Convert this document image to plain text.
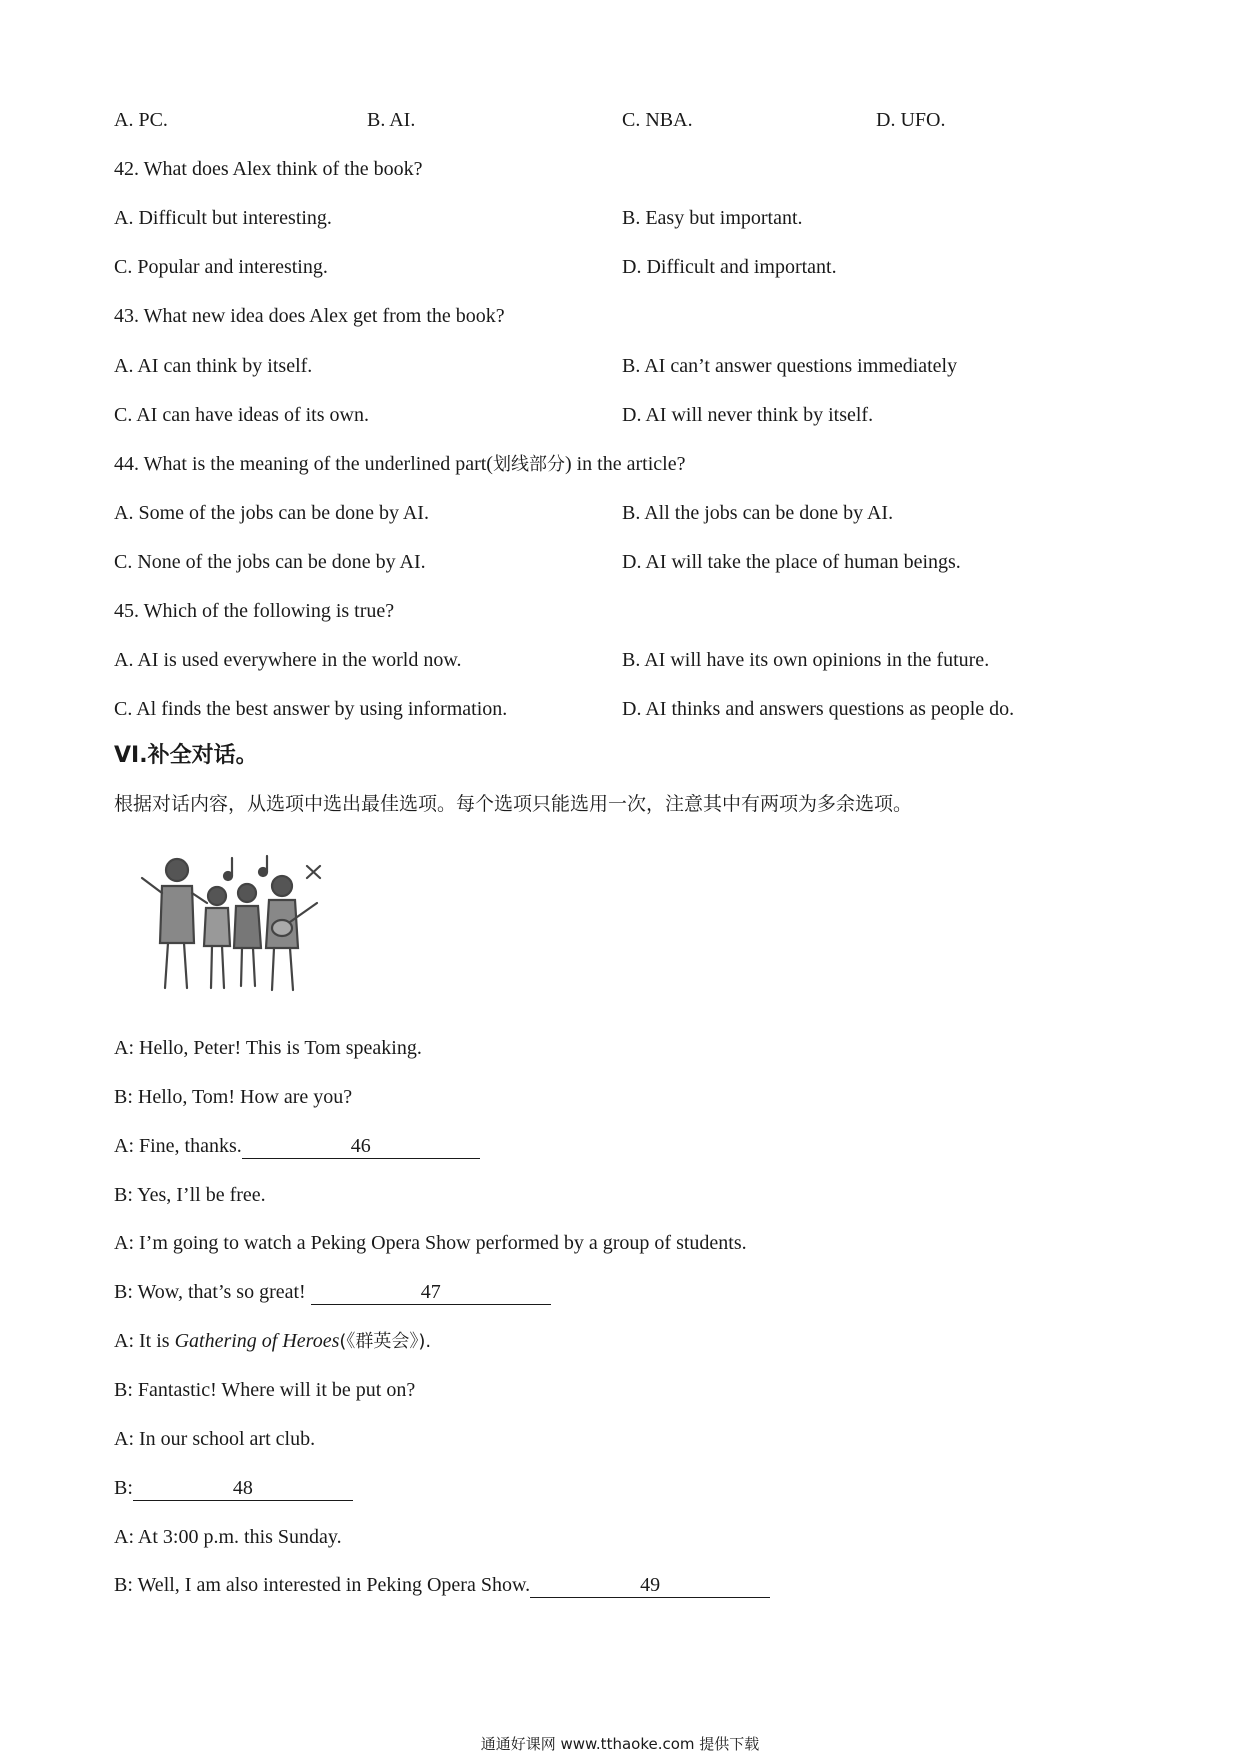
A. PC.	B. AI.	C. NBA.	D. UFO.
42. What does Alex think of the book?
A. Difficult but interesting.	B. Easy but important.
C. Popular and interesting.	D. Difficult and important.
43. What new idea does Alex get from the book?
A. AI can think by itself.	B. AI can’t answer questions immediately
C. AI can have ideas of its own.	D. AI will never think by itself.
44. What is the meaning of the underlined part(划线部分) in the article?
A. Some of the jobs can be done by AI.	B. All the jobs can be done by AI.
C. None of the jobs can be done by AI.	D. AI will take the place of human beings.
45. Which of the following is true?
A. AI is used everywhere in the world now.	B. AI will have its own opinions in the future.
C. Al finds the best answer by using information.	D. AI thinks and answers questions as people do.
VI.补全对话。
根据对话内容，从选项中选出最佳选项。每个选项只能选用一次，注意其中有两项为多余选项。
A: Hello, Peter! This is Tom speaking.
B: Hello, Tom! How are you?
A: Fine, thanks.	46
B: Yes, I’ll be free.
A: I’m going to watch a Peking Opera Show performed by a group of students.
B: Wow, that’s so great!	47
A: It is Gathering of Heroes(《群英会》).
B: Fantastic! Where will it be put on?
A: In our school art club.
B:	48
A: At 3:00 p.m. this Sunday.
B: Well, I am also interested in Peking Opera Show.	49
通通好课网 www.tthaoke.com 提供下载
